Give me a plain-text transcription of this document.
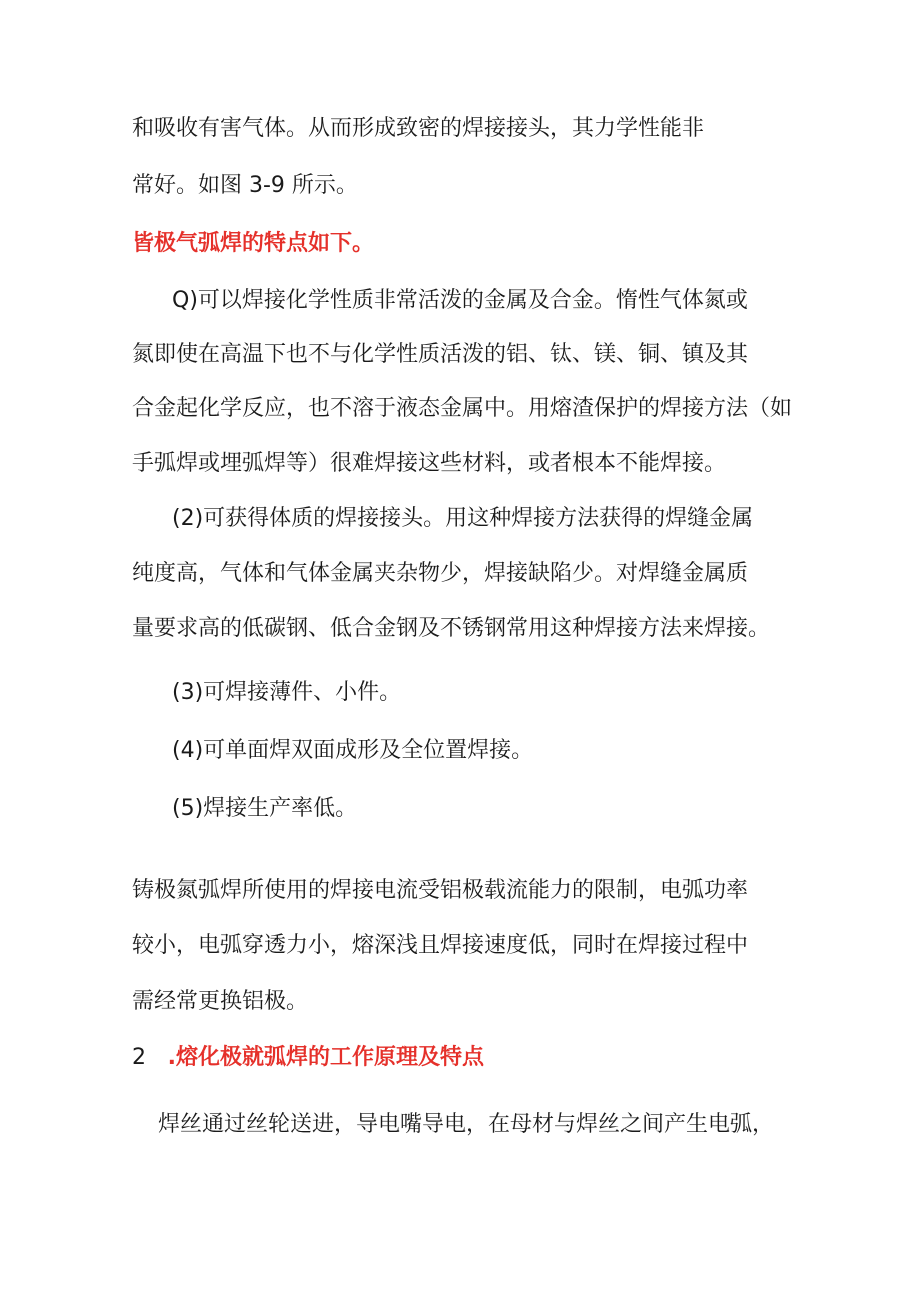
和吸收有害气体。从而形成致密的焊接接头，其力学性能非
常好。如图 3-9 所示。
皆极气弧焊的特点如下。
Q)可以焊接化学性质非常活泼的金属及合金。惰性气体氮或
氮即使在高温下也不与化学性质活泼的铝、钛、镁、铜、镇及其
合金起化学反应，也不溶于液态金属中。用熔渣保护的焊接方法（如
手弧焊或埋弧焊等）很难焊接这些材料，或者根本不能焊接。
(2)可获得体质的焊接接头。用这种焊接方法获得的焊缝金属
纯度高，气体和气体金属夹杂物少，焊接缺陷少。对焊缝金属质
量要求高的低碳钢、低合金钢及不锈钢常用这种焊接方法来焊接。
(3)可焊接薄件、小件。
(4)可单面焊双面成形及全位置焊接。
(5)焊接生产率低。
铸极氮弧焊所使用的焊接电流受铝极载流能力的限制，电弧功率
较小，电弧穿透力小，熔深浅且焊接速度低，同时在焊接过程中
需经常更换铝极。
2 .熔化极就弧焊的工作原理及特点
焊丝通过丝轮送进，导电嘴导电，在母材与焊丝之间产生电弧，
